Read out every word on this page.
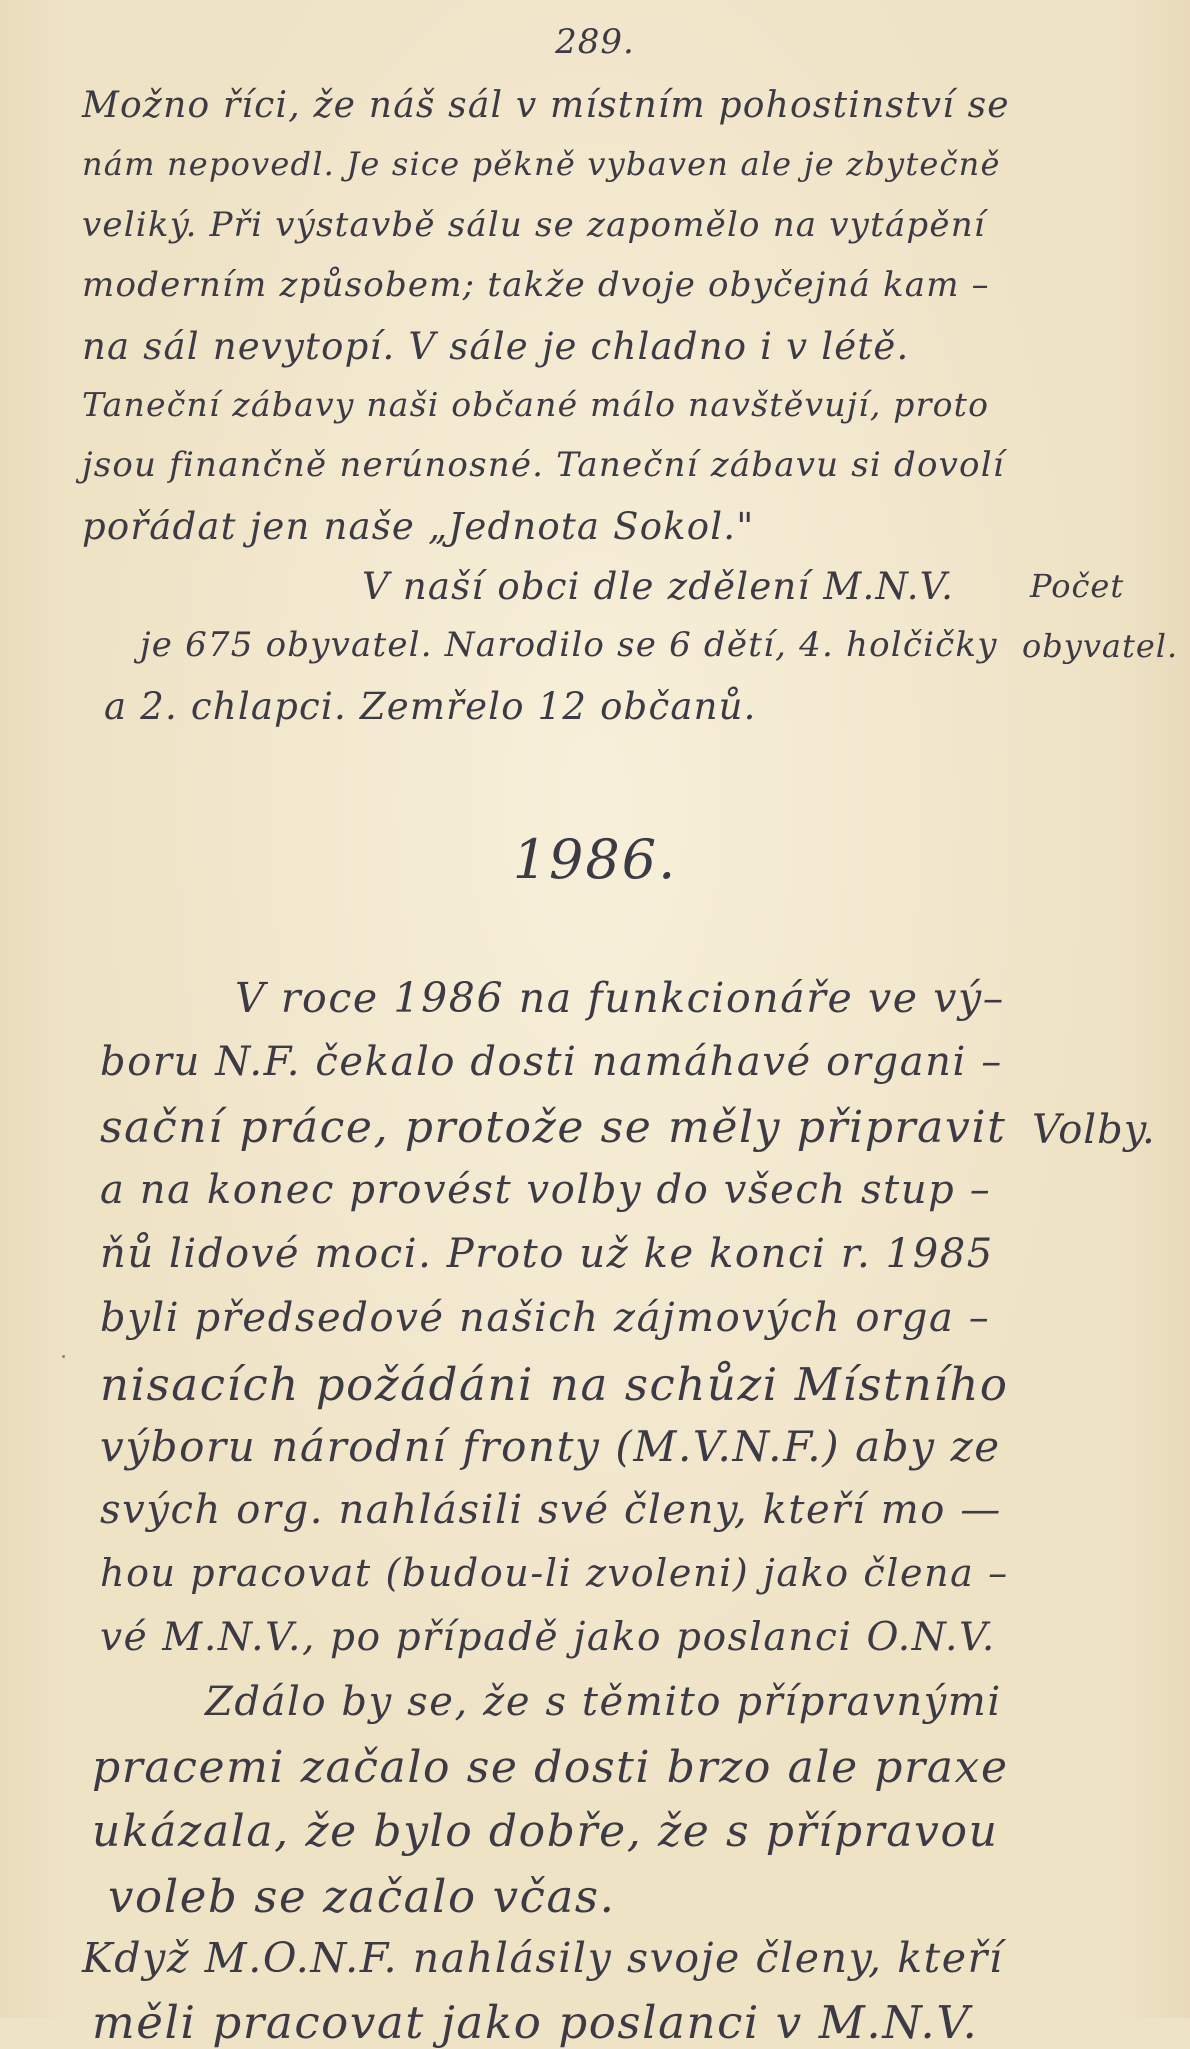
289.
Možno říci, že náš sál v místním pohostinství se
nám nepovedl. Je sice pěkně vybaven ale je zbytečně
veliký. Při výstavbě sálu se zapomělo na vytápění
moderním způsobem; takže dvoje obyčejná kam –
na sál nevytopí. V sále je chladno i v létě.
Taneční zábavy naši občané málo navštěvují, proto
jsou finančně nerúnosné. Taneční zábavu si dovolí
pořádat jen naše „Jednota Sokol."
V naší obci dle zdělení M.N.V.
je 675 obyvatel. Narodilo se 6 dětí, 4. holčičky
a 2. chlapci. Zemřelo 12 občanů.
Počet
obyvatel.
1986.
V roce 1986 na funkcionáře ve vý–
boru N.F. čekalo dosti namáhavé organi –
sační práce, protože se měly připravit
a na konec provést volby do všech stup –
ňů lidové moci. Proto už ke konci r. 1985
byli předsedové našich zájmových orga –
nisacích požádáni na schůzi Místního
výboru národní fronty (M.V.N.F.) aby ze
svých org. nahlásili své členy, kteří mo —
hou pracovat (budou-li zvoleni) jako člena –
vé M.N.V., po případě jako poslanci O.N.V.
Zdálo by se, že s těmito přípravnými
pracemi začalo se dosti brzo ale praxe
ukázala, že bylo dobře, že s přípravou
voleb se začalo včas.
Když M.O.N.F. nahlásily svoje členy, kteří
měli pracovat jako poslanci v M.N.V.
Volby.
